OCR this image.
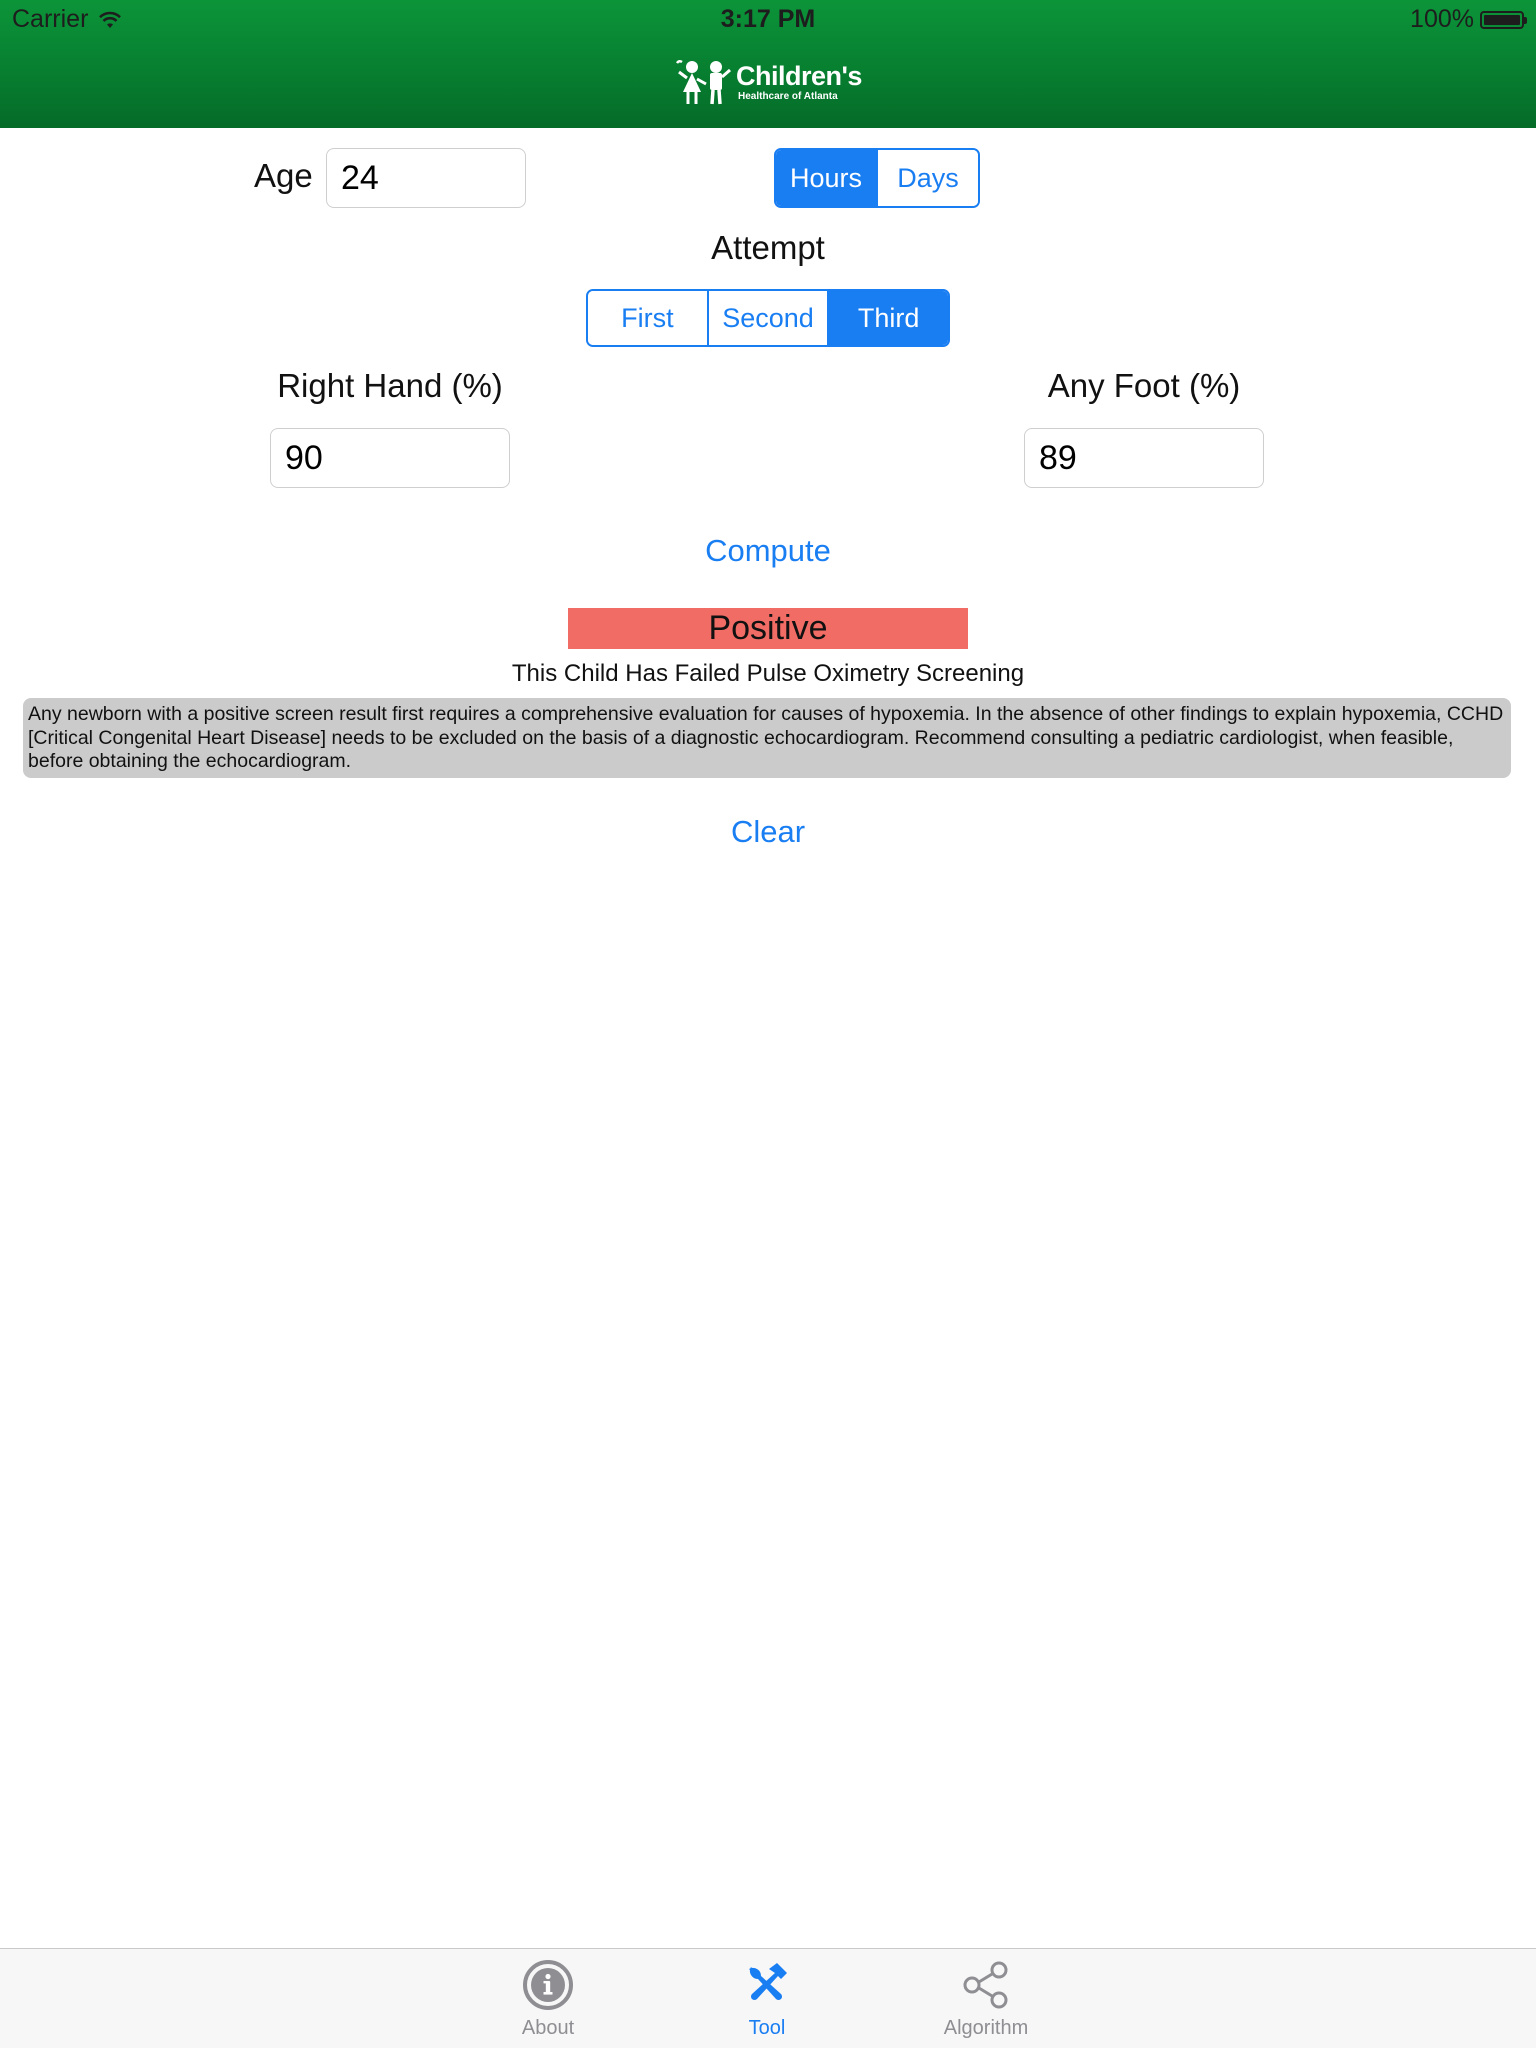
Carrier	3:17 PM	100%
Children's
Healthcare of Atlanta
Age 24	Hours	Days
Attempt
First	Second	Third
Right Hand (%)
90
Any Foot (%)
89
Compute
Positive
This Child Has Failed Pulse Oximetry Screening
Any newborn with a positive screen result first requires a comprehensive evaluation for causes of hypoxemia. In the absence of other findings to explain hypoxemia, CCHD [Critical Congenital Heart Disease] needs to be excluded on the basis of a diagnostic echocardiogram. Recommend consulting a pediatric cardiologist, when feasible, before obtaining the echocardiogram.
Clear
About	Tool	Algorithm
